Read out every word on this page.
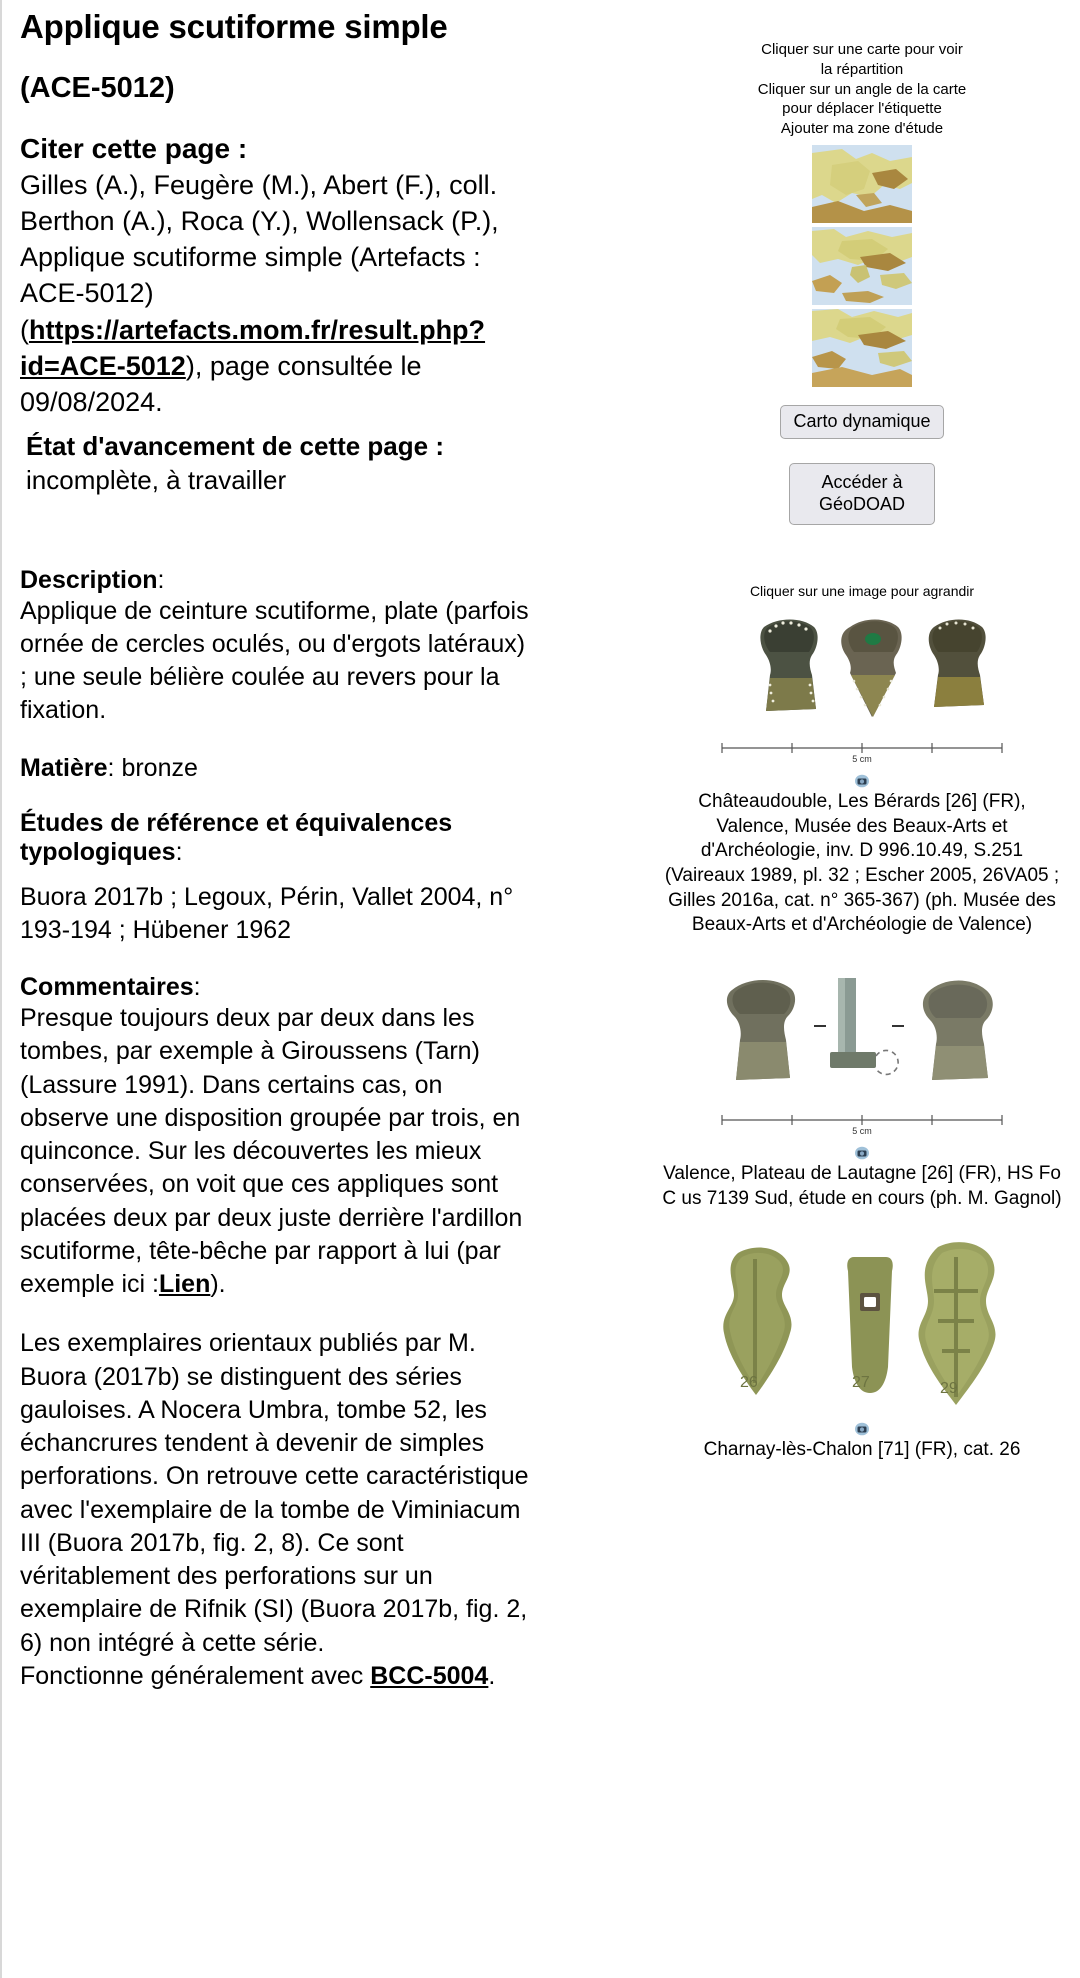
Applique scutiforme simple
(ACE-5012)
Citer cette page :
Gilles (A.), Feugère (M.), Abert (F.), coll. Berthon (A.), Roca (Y.), Wollensack (P.), Applique scutiforme simple (Artefacts : ACE-5012) (https://artefacts.mom.fr/result.php?id=ACE-5012), page consultée le 09/08/2024.
État d'avancement de cette page : incomplète, à travailler
Description:
Applique de ceinture scutiforme, plate (parfois ornée de cercles oculés, ou d'ergots latéraux) ; une seule bélière coulée au revers pour la fixation.
Matière: bronze
Études de référence et équivalences typologiques:
Buora 2017b ; Legoux, Périn, Vallet 2004, n° 193-194 ; Hübener 1962
Commentaires:
Presque toujours deux par deux dans les tombes, par exemple à Giroussens (Tarn) (Lassure 1991). Dans certains cas, on observe une disposition groupée par trois, en quinconce. Sur les découvertes les mieux conservées, on voit que ces appliques sont placées deux par deux juste derrière l'ardillon scutiforme, tête-bêche par rapport à lui (par exemple ici :Lien).
Les exemplaires orientaux publiés par M. Buora (2017b) se distinguent des séries gauloises. A Nocera Umbra, tombe 52, les échancrures tendent à devenir de simples perforations. On retrouve cette caractéristique avec l'exemplaire de la tombe de Viminiacum III (Buora 2017b, fig. 2, 8). Ce sont véritablement des perforations sur un exemplaire de Rifnik (SI) (Buora 2017b, fig. 2, 6) non intégré à cette série.
Fonctionne généralement avec BCC-5004.
Cliquer sur une carte pour voir
la répartition
Cliquer sur un angle de la carte
pour déplacer l'étiquette
Ajouter ma zone d'étude
Carto dynamique
Accéder à GéoDOAD
Cliquer sur une image pour agrandir
5 cm
Châteaudouble, Les Bérards [26] (FR), Valence, Musée des Beaux-Arts et d'Archéologie, inv. D 996.10.49, S.251 (Vaireaux 1989, pl. 32 ; Escher 2005, 26VA05 ; Gilles 2016a, cat. n° 365-367) (ph. Musée des Beaux-Arts et d'Archéologie de Valence)
5 cm
Valence, Plateau de Lautagne [26] (FR), HS Fo C us 7139 Sud, étude en cours (ph. M. Gagnol)
26	27	29
Charnay-lès-Chalon [71] (FR), cat. 26
